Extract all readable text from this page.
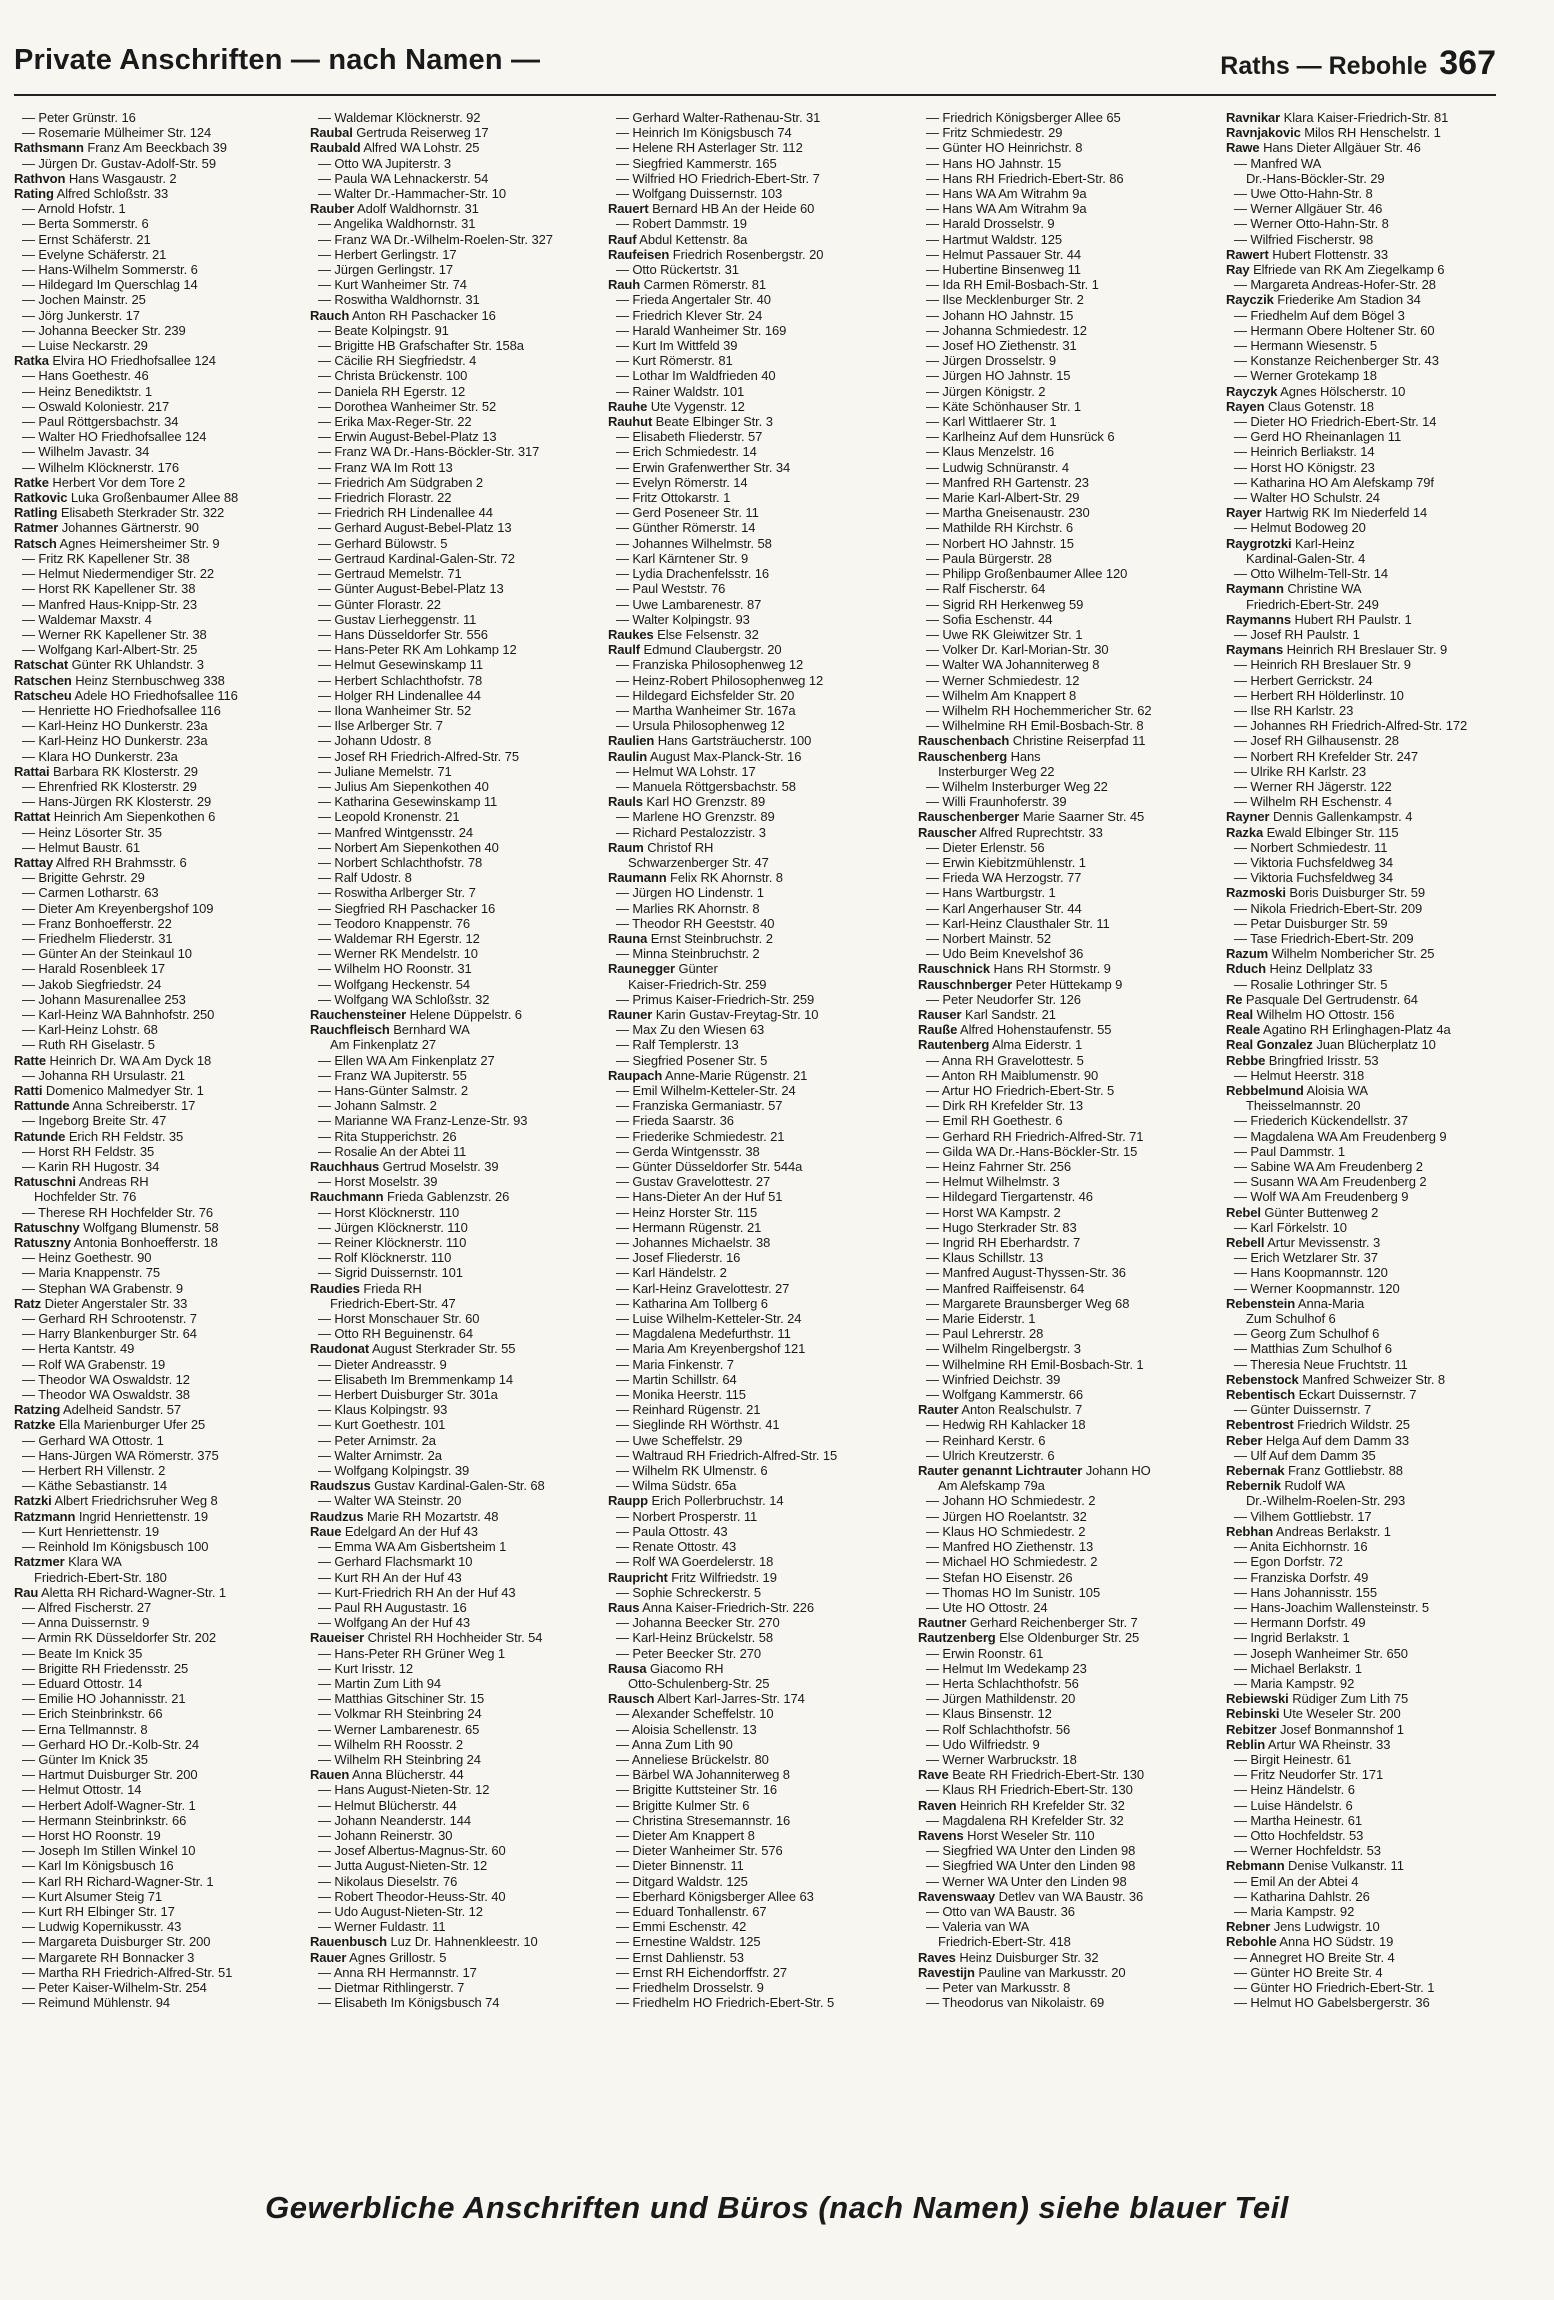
Private Anschriften — nach Namen —	Raths — Rebohle 367
— Peter Grünstr. 16
— Rosemarie Mülheimer Str. 124
Rathsmann Franz Am Beeckbach 39
— Jürgen Dr. Gustav-Adolf-Str. 59
Rathvon Hans Wasgaustr. 2
Rating Alfred Schloßstr. 33
— Arnold Hofstr. 1
— Berta Sommerstr. 6
— Ernst Schäferstr. 21
— Evelyne Schäferstr. 21
— Hans-Wilhelm Sommerstr. 6
— Hildegard Im Querschlag 14
— Jochen Mainstr. 25
— Jörg Junkerstr. 17
— Johanna Beecker Str. 239
— Luise Neckarstr. 29
Ratka Elvira HO Friedhofsallee 124
— Hans Goethestr. 46
— Heinz Benediktstr. 1
— Oswald Koloniestr. 217
— Paul Röttgersbachstr. 34
— Walter HO Friedhofsallee 124
— Wilhelm Javastr. 34
— Wilhelm Klöcknerstr. 176
Ratke Herbert Vor dem Tore 2
Ratkovic Luka Großenbaumer Allee 88
Ratling Elisabeth Sterkrader Str. 322
Ratmer Johannes Gärtnerstr. 90
Ratsch Agnes Heimersheimer Str. 9
— Fritz RK Kapellener Str. 38
— Helmut Niedermendiger Str. 22
— Horst RK Kapellener Str. 38
— Manfred Haus-Knipp-Str. 23
— Waldemar Maxstr. 4
— Werner RK Kapellener Str. 38
— Wolfgang Karl-Albert-Str. 25
Ratschat Günter RK Uhlandstr. 3
Ratschen Heinz Sternbuschweg 338
Ratscheu Adele HO Friedhofsallee 116
— Henriette HO Friedhofsallee 116
— Karl-Heinz HO Dunkerstr. 23a
— Karl-Heinz HO Dunkerstr. 23a
— Klara HO Dunkerstr. 23a
Rattai Barbara RK Klosterstr. 29
— Ehrenfried RK Klosterstr. 29
— Hans-Jürgen RK Klosterstr. 29
Rattat Heinrich Am Siepenkothen 6
— Heinz Lösorter Str. 35
— Helmut Baustr. 61
Rattay Alfred RH Brahmsstr. 6
— Brigitte Gehrstr. 29
— Carmen Lotharstr. 63
— Dieter Am Kreyenbergshof 109
— Franz Bonhoefferstr. 22
— Friedhelm Fliederstr. 31
— Günter An der Steinkaul 10
— Harald Rosenbleek 17
— Jakob Siegfriedstr. 24
— Johann Masurenallee 253
— Karl-Heinz WA Bahnhofstr. 250
— Karl-Heinz Lohstr. 68
— Ruth RH Giselastr. 5
Ratte Heinrich Dr. WA Am Dyck 18
— Johanna RH Ursulastr. 21
Ratti Domenico Malmedyer Str. 1
Rattunde Anna Schreiberstr. 17
— Ingeborg Breite Str. 47
Ratunde Erich RH Feldstr. 35
— Horst RH Feldstr. 35
— Karin RH Hugostr. 34
Ratuschni Andreas RH
Hochfelder Str. 76
— Therese RH Hochfelder Str. 76
Ratuschny Wolfgang Blumenstr. 58
Ratuszny Antonia Bonhoefferstr. 18
— Heinz Goethestr. 90
— Maria Knappenstr. 75
— Stephan WA Grabenstr. 9
Ratz Dieter Angerstaler Str. 33
— Gerhard RH Schrootenstr. 7
— Harry Blankenburger Str. 64
— Herta Kantstr. 49
— Rolf WA Grabenstr. 19
— Theodor WA Oswaldstr. 12
— Theodor WA Oswaldstr. 38
Ratzing Adelheid Sandstr. 57
Ratzke Ella Marienburger Ufer 25
— Gerhard WA Ottostr. 1
— Hans-Jürgen WA Römerstr. 375
— Herbert RH Villenstr. 2
— Käthe Sebastianstr. 14
Ratzki Albert Friedrichsruher Weg 8
Ratzmann Ingrid Henriettenstr. 19
— Kurt Henriettenstr. 19
— Reinhold Im Königsbusch 100
Ratzmer Klara WA
Friedrich-Ebert-Str. 180
Rau Aletta RH Richard-Wagner-Str. 1
— Alfred Fischerstr. 27
— Anna Duissernstr. 9
— Armin RK Düsseldorfer Str. 202
— Beate Im Knick 35
— Brigitte RH Friedensstr. 25
— Eduard Ottostr. 14
— Emilie HO Johannisstr. 21
— Erich Steinbrinkstr. 66
— Erna Tellmannstr. 8
— Gerhard HO Dr.-Kolb-Str. 24
— Günter Im Knick 35
— Hartmut Duisburger Str. 200
— Helmut Ottostr. 14
— Herbert Adolf-Wagner-Str. 1
— Hermann Steinbrinkstr. 66
— Horst HO Roonstr. 19
— Joseph Im Stillen Winkel 10
— Karl Im Königsbusch 16
— Karl RH Richard-Wagner-Str. 1
— Kurt Alsumer Steig 71
— Kurt RH Elbinger Str. 17
— Ludwig Kopernikusstr. 43
— Margareta Duisburger Str. 200
— Margarete RH Bonnacker 3
— Martha RH Friedrich-Alfred-Str. 51
— Peter Kaiser-Wilhelm-Str. 254
— Reimund Mühlenstr. 94
— Waldemar Klöcknerstr. 92
Raubal Gertruda Reiserweg 17
Raubald Alfred WA Lohstr. 25
— Otto WA Jupiterstr. 3
— Paula WA Lehnackerstr. 54
— Walter Dr.-Hammacher-Str. 10
Rauber Adolf Waldhornstr. 31
— Angelika Waldhornstr. 31
— Franz WA Dr.-Wilhelm-Roelen-Str. 327
— Herbert Gerlingstr. 17
— Jürgen Gerlingstr. 17
— Kurt Wanheimer Str. 74
— Roswitha Waldhornstr. 31
Rauch Anton RH Paschacker 16
— Beate Kolpingstr. 91
— Brigitte HB Grafschafter Str. 158a
— Cäcilie RH Siegfriedstr. 4
— Christa Brückenstr. 100
— Daniela RH Egerstr. 12
— Dorothea Wanheimer Str. 52
— Erika Max-Reger-Str. 22
— Erwin August-Bebel-Platz 13
— Franz WA Dr.-Hans-Böckler-Str. 317
— Franz WA Im Rott 13
— Friedrich Am Südgraben 2
— Friedrich Florastr. 22
— Friedrich RH Lindenallee 44
— Gerhard August-Bebel-Platz 13
— Gerhard Bülowstr. 5
— Gertraud Kardinal-Galen-Str. 72
— Gertraud Memelstr. 71
— Günter August-Bebel-Platz 13
— Günter Florastr. 22
— Gustav Lierheggenstr. 11
— Hans Düsseldorfer Str. 556
— Hans-Peter RK Am Lohkamp 12
— Helmut Gesewinskamp 11
— Herbert Schlachthofstr. 78
— Holger RH Lindenallee 44
— Ilona Wanheimer Str. 52
— Ilse Arlberger Str. 7
— Johann Udostr. 8
— Josef RH Friedrich-Alfred-Str. 75
— Juliane Memelstr. 71
— Julius Am Siepenkothen 40
— Katharina Gesewinskamp 11
— Leopold Kronenstr. 21
— Manfred Wintgensstr. 24
— Norbert Am Siepenkothen 40
— Norbert Schlachthofstr. 78
— Ralf Udostr. 8
— Roswitha Arlberger Str. 7
— Siegfried RH Paschacker 16
— Teodoro Knappenstr. 76
— Waldemar RH Egerstr. 12
— Werner RK Mendelstr. 10
— Wilhelm HO Roonstr. 31
— Wolfgang Heckenstr. 54
— Wolfgang WA Schloßstr. 32
Rauchensteiner Helene Düppelstr. 6
Rauchfleisch Bernhard WA
Am Finkenplatz 27
— Ellen WA Am Finkenplatz 27
— Franz WA Jupiterstr. 55
— Hans-Günter Salmstr. 2
— Johann Salmstr. 2
— Marianne WA Franz-Lenze-Str. 93
— Rita Stupperichstr. 26
— Rosalie An der Abtei 11
Rauchhaus Gertrud Moselstr. 39
— Horst Moselstr. 39
Rauchmann Frieda Gablenzstr. 26
— Horst Klöcknerstr. 110
— Jürgen Klöcknerstr. 110
— Reiner Klöcknerstr. 110
— Rolf Klöcknerstr. 110
— Sigrid Duissernstr. 101
Raudies Frieda RH
Friedrich-Ebert-Str. 47
— Horst Monschauer Str. 60
— Otto RH Beguinenstr. 64
Raudonat August Sterkrader Str. 55
— Dieter Andreasstr. 9
— Elisabeth Im Bremmenkamp 14
— Herbert Duisburger Str. 301a
— Klaus Kolpingstr. 93
— Kurt Goethestr. 101
— Peter Arnimstr. 2a
— Walter Arnimstr. 2a
— Wolfgang Kolpingstr. 39
Raudszus Gustav Kardinal-Galen-Str. 68
— Walter WA Steinstr. 20
Raudzus Marie RH Mozartstr. 48
Raue Edelgard An der Huf 43
— Emma WA Am Gisbertsheim 1
— Gerhard Flachsmarkt 10
— Kurt RH An der Huf 43
— Kurt-Friedrich RH An der Huf 43
— Paul RH Augustastr. 16
— Wolfgang An der Huf 43
Raueiser Christel RH Hochheider Str. 54
— Hans-Peter RH Grüner Weg 1
— Kurt Irisstr. 12
— Martin Zum Lith 94
— Matthias Gitschiner Str. 15
— Volkmar RH Steinbring 24
— Werner Lambarenestr. 65
— Wilhelm RH Roosstr. 2
— Wilhelm RH Steinbring 24
Rauen Anna Blücherstr. 44
— Hans August-Nieten-Str. 12
— Helmut Blücherstr. 44
— Johann Neanderstr. 144
— Johann Reinerstr. 30
— Josef Albertus-Magnus-Str. 60
— Jutta August-Nieten-Str. 12
— Nikolaus Dieselstr. 76
— Robert Theodor-Heuss-Str. 40
— Udo August-Nieten-Str. 12
— Werner Fuldastr. 11
Rauenbusch Luz Dr. Hahnenkleestr. 10
Rauer Agnes Grillostr. 5
— Anna RH Hermannstr. 17
— Dietmar Rithlingerstr. 7
— Elisabeth Im Königsbusch 74
— Gerhard Walter-Rathenau-Str. 31
— Heinrich Im Königsbusch 74
— Helene RH Asterlager Str. 112
— Siegfried Kammerstr. 165
— Wilfried HO Friedrich-Ebert-Str. 7
— Wolfgang Duissernstr. 103
Rauert Bernard HB An der Heide 60
— Robert Dammstr. 19
Rauf Abdul Kettenstr. 8a
Raufeisen Friedrich Rosenbergstr. 20
— Otto Rückertstr. 31
Rauh Carmen Römerstr. 81
— Frieda Angertaler Str. 40
— Friedrich Klever Str. 24
— Harald Wanheimer Str. 169
— Kurt Im Wittfeld 39
— Kurt Römerstr. 81
— Lothar Im Waldfrieden 40
— Rainer Waldstr. 101
Rauhe Ute Vygenstr. 12
Rauhut Beate Elbinger Str. 3
— Elisabeth Fliederstr. 57
— Erich Schmiedestr. 14
— Erwin Grafenwerther Str. 34
— Evelyn Römerstr. 14
— Fritz Ottokarstr. 1
— Gerd Poseneer Str. 11
— Günther Römerstr. 14
— Johannes Wilhelmstr. 58
— Karl Kärntener Str. 9
— Lydia Drachenfelsstr. 16
— Paul Weststr. 76
— Uwe Lambarenestr. 87
— Walter Kolpingstr. 93
Raukes Else Felsenstr. 32
Raulf Edmund Claubergstr. 20
— Franziska Philosophenweg 12
— Heinz-Robert Philosophenweg 12
— Hildegard Eichsfelder Str. 20
— Martha Wanheimer Str. 167a
— Ursula Philosophenweg 12
Raulien Hans Gartsträucherstr. 100
Raulin August Max-Planck-Str. 16
— Helmut WA Lohstr. 17
— Manuela Röttgersbachstr. 58
Rauls Karl HO Grenzstr. 89
— Marlene HO Grenzstr. 89
— Richard Pestalozzistr. 3
Raum Christof RH
Schwarzenberger Str. 47
Raumann Felix RK Ahornstr. 8
— Jürgen HO Lindenstr. 1
— Marlies RK Ahornstr. 8
— Theodor RH Geeststr. 40
Rauna Ernst Steinbruchstr. 2
— Minna Steinbruchstr. 2
Raunegger Günter
Kaiser-Friedrich-Str. 259
— Primus Kaiser-Friedrich-Str. 259
Rauner Karin Gustav-Freytag-Str. 10
— Max Zu den Wiesen 63
— Ralf Templerstr. 13
— Siegfried Posener Str. 5
Raupach Anne-Marie Rügenstr. 21
— Emil Wilhelm-Ketteler-Str. 24
— Franziska Germaniastr. 57
— Frieda Saarstr. 36
— Friederike Schmiedestr. 21
— Gerda Wintgensstr. 38
— Günter Düsseldorfer Str. 544a
— Gustav Gravelottestr. 27
— Hans-Dieter An der Huf 51
— Heinz Horster Str. 115
— Hermann Rügenstr. 21
— Johannes Michaelstr. 38
— Josef Fliederstr. 16
— Karl Händelstr. 2
— Karl-Heinz Gravelottestr. 27
— Katharina Am Tollberg 6
— Luise Wilhelm-Ketteler-Str. 24
— Magdalena Medefurthstr. 11
— Maria Am Kreyenbergshof 121
— Maria Finkenstr. 7
— Martin Schillstr. 64
— Monika Heerstr. 115
— Reinhard Rügenstr. 21
— Sieglinde RH Wörthstr. 41
— Uwe Scheffelstr. 29
— Waltraud RH Friedrich-Alfred-Str. 15
— Wilhelm RK Ulmenstr. 6
— Wilma Südstr. 65a
Raupp Erich Pollerbruchstr. 14
— Norbert Prosperstr. 11
— Paula Ottostr. 43
— Renate Ottostr. 43
— Rolf WA Goerdelerstr. 18
Raupricht Fritz Wilfriedstr. 19
— Sophie Schreckerstr. 5
Raus Anna Kaiser-Friedrich-Str. 226
— Johanna Beecker Str. 270
— Karl-Heinz Brückelstr. 58
— Peter Beecker Str. 270
Rausa Giacomo RH
Otto-Schulenberg-Str. 25
Rausch Albert Karl-Jarres-Str. 174
— Alexander Scheffelstr. 10
— Aloisia Schellenstr. 13
— Anna Zum Lith 90
— Anneliese Brückelstr. 80
— Bärbel WA Johanniterweg 8
— Brigitte Kuttsteiner Str. 16
— Brigitte Kulmer Str. 6
— Christina Stresemannstr. 16
— Dieter Am Knappert 8
— Dieter Wanheimer Str. 576
— Dieter Binnenstr. 11
— Ditgard Waldstr. 125
— Eberhard Königsberger Allee 63
— Eduard Tonhallenstr. 67
— Emmi Eschenstr. 42
— Ernestine Waldstr. 125
— Ernst Dahlienstr. 53
— Ernst RH Eichendorffstr. 27
— Friedhelm Drosselstr. 9
— Friedhelm HO Friedrich-Ebert-Str. 5
— Friedrich Königsberger Allee 65
— Fritz Schmiedestr. 29
— Günter HO Heinrichstr. 8
— Hans HO Jahnstr. 15
— Hans RH Friedrich-Ebert-Str. 86
— Hans WA Am Witrahm 9a
— Hans WA Am Witrahm 9a
— Harald Drosselstr. 9
— Hartmut Waldstr. 125
— Helmut Passauer Str. 44
— Hubertine Binsenweg 11
— Ida RH Emil-Bosbach-Str. 1
— Ilse Mecklenburger Str. 2
— Johann HO Jahnstr. 15
— Johanna Schmiedestr. 12
— Josef HO Ziethenstr. 31
— Jürgen Drosselstr. 9
— Jürgen HO Jahnstr. 15
— Jürgen Königstr. 2
— Käte Schönhauser Str. 1
— Karl Wittlaerer Str. 1
— Karlheinz Auf dem Hunsrück 6
— Klaus Menzelstr. 16
— Ludwig Schnüranstr. 4
— Manfred RH Gartenstr. 23
— Marie Karl-Albert-Str. 29
— Martha Gneisenaustr. 230
— Mathilde RH Kirchstr. 6
— Norbert HO Jahnstr. 15
— Paula Bürgerstr. 28
— Philipp Großenbaumer Allee 120
— Ralf Fischerstr. 64
— Sigrid RH Herkenweg 59
— Sofia Eschenstr. 44
— Uwe RK Gleiwitzer Str. 1
— Volker Dr. Karl-Morian-Str. 30
— Walter WA Johanniterweg 8
— Werner Schmiedestr. 12
— Wilhelm Am Knappert 8
— Wilhelm RH Hochemmericher Str. 62
— Wilhelmine RH Emil-Bosbach-Str. 8
Rauschenbach Christine Reiserpfad 11
Rauschenberg Hans
Insterburger Weg 22
— Wilhelm Insterburger Weg 22
— Willi Fraunhoferstr. 39
Rauschenberger Marie Saarner Str. 45
Rauscher Alfred Ruprechtstr. 33
— Dieter Erlenstr. 56
— Erwin Kiebitzmühlenstr. 1
— Frieda WA Herzogstr. 77
— Hans Wartburgstr. 1
— Karl Angerhauser Str. 44
— Karl-Heinz Clausthaler Str. 11
— Norbert Mainstr. 52
— Udo Beim Knevelshof 36
Rauschnick Hans RH Stormstr. 9
Rauschnberger Peter Hüttekamp 9
— Peter Neudorfer Str. 126
Rauser Karl Sandstr. 21
Rauße Alfred Hohenstaufenstr. 55
Rautenberg Alma Eiderstr. 1
— Anna RH Gravelottestr. 5
— Anton RH Maiblumenstr. 90
— Artur HO Friedrich-Ebert-Str. 5
— Dirk RH Krefelder Str. 13
— Emil RH Goethestr. 6
— Gerhard RH Friedrich-Alfred-Str. 71
— Gilda WA Dr.-Hans-Böckler-Str. 15
— Heinz Fahrner Str. 256
— Helmut Wilhelmstr. 3
— Hildegard Tiergartenstr. 46
— Horst WA Kampstr. 2
— Hugo Sterkrader Str. 83
— Ingrid RH Eberhardstr. 7
— Klaus Schillstr. 13
— Manfred August-Thyssen-Str. 36
— Manfred Raiffeisenstr. 64
— Margarete Braunsberger Weg 68
— Marie Eiderstr. 1
— Paul Lehrerstr. 28
— Wilhelm Ringelbergstr. 3
— Wilhelmine RH Emil-Bosbach-Str. 1
— Winfried Deichstr. 39
— Wolfgang Kammerstr. 66
Rauter Anton Realschulstr. 7
— Hedwig RH Kahlacker 18
— Reinhard Kerstr. 6
— Ulrich Kreutzerstr. 6
Rauter genannt Lichtrauter Johann HO
Am Alefskamp 79a
— Johann HO Schmiedestr. 2
— Jürgen HO Roelantstr. 32
— Klaus HO Schmiedestr. 2
— Manfred HO Ziethenstr. 13
— Michael HO Schmiedestr. 2
— Stefan HO Eisenstr. 26
— Thomas HO Im Sunistr. 105
— Ute HO Ottostr. 24
Rautner Gerhard Reichenberger Str. 7
Rautzenberg Else Oldenburger Str. 25
— Erwin Roonstr. 61
— Helmut Im Wedekamp 23
— Herta Schlachthofstr. 56
— Jürgen Mathildenstr. 20
— Klaus Binsenstr. 12
— Rolf Schlachthofstr. 56
— Udo Wilfriedstr. 9
— Werner Warbruckstr. 18
Rave Beate RH Friedrich-Ebert-Str. 130
— Klaus RH Friedrich-Ebert-Str. 130
Raven Heinrich RH Krefelder Str. 32
— Magdalena RH Krefelder Str. 32
Ravens Horst Weseler Str. 110
— Siegfried WA Unter den Linden 98
— Siegfried WA Unter den Linden 98
— Werner WA Unter den Linden 98
Ravenswaay Detlev van WA Baustr. 36
— Otto van WA Baustr. 36
— Valeria van WA
Friedrich-Ebert-Str. 418
Raves Heinz Duisburger Str. 32
Ravestijn Pauline van Markusstr. 20
— Peter van Markusstr. 8
— Theodorus van Nikolaistr. 69
Ravnikar Klara Kaiser-Friedrich-Str. 81
Ravnjakovic Milos RH Henschelstr. 1
Rawe Hans Dieter Allgäuer Str. 46
— Manfred WA
Dr.-Hans-Böckler-Str. 29
— Uwe Otto-Hahn-Str. 8
— Werner Allgäuer Str. 46
— Werner Otto-Hahn-Str. 8
— Wilfried Fischerstr. 98
Rawert Hubert Flottenstr. 33
Ray Elfriede van RK Am Ziegelkamp 6
— Margareta Andreas-Hofer-Str. 28
Rayczik Friederike Am Stadion 34
— Friedhelm Auf dem Bögel 3
— Hermann Obere Holtener Str. 60
— Hermann Wiesenstr. 5
— Konstanze Reichenberger Str. 43
— Werner Grotekamp 18
Rayczyk Agnes Hölscherstr. 10
Rayen Claus Gotenstr. 18
— Dieter HO Friedrich-Ebert-Str. 14
— Gerd HO Rheinanlagen 11
— Heinrich Berliakstr. 14
— Horst HO Königstr. 23
— Katharina HO Am Alefskamp 79f
— Walter HO Schulstr. 24
Rayer Hartwig RK Im Niederfeld 14
— Helmut Bodoweg 20
Raygrotzki Karl-Heinz
Kardinal-Galen-Str. 4
— Otto Wilhelm-Tell-Str. 14
Raymann Christine WA
Friedrich-Ebert-Str. 249
Raymanns Hubert RH Paulstr. 1
— Josef RH Paulstr. 1
Raymans Heinrich RH Breslauer Str. 9
— Heinrich RH Breslauer Str. 9
— Herbert Gerrickstr. 24
— Herbert RH Hölderlinstr. 10
— Ilse RH Karlstr. 23
— Johannes RH Friedrich-Alfred-Str. 172
— Josef RH Gilhausenstr. 28
— Norbert RH Krefelder Str. 247
— Ulrike RH Karlstr. 23
— Werner RH Jägerstr. 122
— Wilhelm RH Eschenstr. 4
Rayner Dennis Gallenkampstr. 4
Razka Ewald Elbinger Str. 115
— Norbert Schmiedestr. 11
— Viktoria Fuchsfeldweg 34
— Viktoria Fuchsfeldweg 34
Razmoski Boris Duisburger Str. 59
— Nikola Friedrich-Ebert-Str. 209
— Petar Duisburger Str. 59
— Tase Friedrich-Ebert-Str. 209
Razum Wilhelm Nombericher Str. 25
Rduch Heinz Dellplatz 33
— Rosalie Lothringer Str. 5
Re Pasquale Del Gertrudenstr. 64
Real Wilhelm HO Ottostr. 156
Reale Agatino RH Erlinghagen-Platz 4a
Real Gonzalez Juan Blücherplatz 10
Rebbe Bringfried Irisstr. 53
— Helmut Heerstr. 318
Rebbelmund Aloisia WA
Theisselmannstr. 20
— Friederich Kückendellstr. 37
— Magdalena WA Am Freudenberg 9
— Paul Dammstr. 1
— Sabine WA Am Freudenberg 2
— Susann WA Am Freudenberg 2
— Wolf WA Am Freudenberg 9
Rebel Günter Buttenweg 2
— Karl Förkelstr. 10
Rebell Artur Mevissenstr. 3
— Erich Wetzlarer Str. 37
— Hans Koopmannstr. 120
— Werner Koopmannstr. 120
Rebenstein Anna-Maria
Zum Schulhof 6
— Georg Zum Schulhof 6
— Matthias Zum Schulhof 6
— Theresia Neue Fruchtstr. 11
Rebenstock Manfred Schweizer Str. 8
Rebentisch Eckart Duissernstr. 7
— Günter Duissernstr. 7
Rebentrost Friedrich Wildstr. 25
Reber Helga Auf dem Damm 33
— Ulf Auf dem Damm 35
Rebernak Franz Gottliebstr. 88
Rebernik Rudolf WA
Dr.-Wilhelm-Roelen-Str. 293
— Vilhem Gottliebstr. 17
Rebhan Andreas Berlakstr. 1
— Anita Eichhornstr. 16
— Egon Dorfstr. 72
— Franziska Dorfstr. 49
— Hans Johannisstr. 155
— Hans-Joachim Wallensteinstr. 5
— Hermann Dorfstr. 49
— Ingrid Berlakstr. 1
— Joseph Wanheimer Str. 650
— Michael Berlakstr. 1
— Maria Kampstr. 92
Rebiewski Rüdiger Zum Lith 75
Rebinski Ute Weseler Str. 200
Rebitzer Josef Bonmannshof 1
Reblin Artur WA Rheinstr. 33
— Birgit Heinestr. 61
— Fritz Neudorfer Str. 171
— Heinz Händelstr. 6
— Luise Händelstr. 6
— Martha Heinestr. 61
— Otto Hochfeldstr. 53
— Werner Hochfeldstr. 53
Rebmann Denise Vulkanstr. 11
— Emil An der Abtei 4
— Katharina Dahlstr. 26
— Maria Kampstr. 92
Rebner Jens Ludwigstr. 10
Rebohle Anna HO Südstr. 19
— Annegret HO Breite Str. 4
— Günter HO Breite Str. 4
— Günter HO Friedrich-Ebert-Str. 1
— Helmut HO Gabelsbergerstr. 36
Gewerbliche Anschriften und Büros (nach Namen) siehe blauer Teil
